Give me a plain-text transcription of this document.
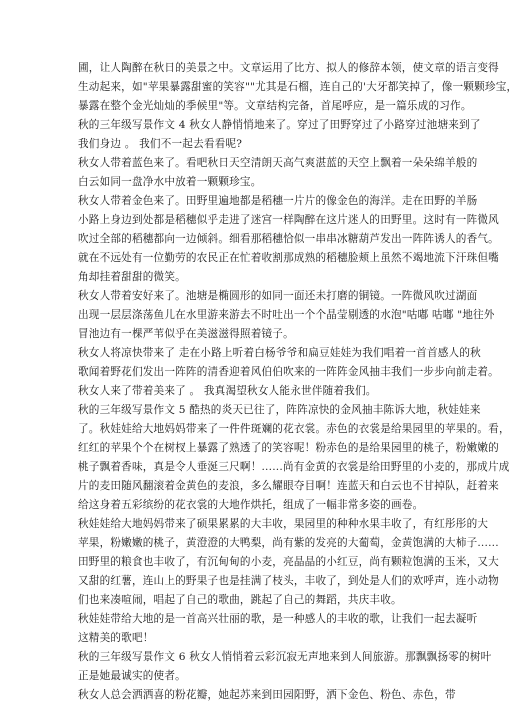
圃，让人陶醉在秋日的美景之中。文章运用了比方、拟人的修辞本领，使文章的语言变得
生动起来，如"苹果暴露甜蜜的笑容""尤其是石榴，连自己的'大牙都笑掉了，像一颗颗珍宝，
暴露在整个金光灿灿的季候里"等。文章结构完备，首尾呼应，是一篇乐成的习作。
秋的三年级写景作文 4 秋女人静悄悄地来了。穿过了田野穿过了小路穿过池塘来到了
我们身边 。 我们不一起去看看呢?
秋女人带着蓝色来了。看吧秋日天空清朗天高气爽湛蓝的天空上飘着一朵朵绵羊般的
白云如同一盘净水中放着一颗颗珍宝。
秋女人带着金色来了。田野里遍地都是稻穗一片片的像金色的海洋。走在田野的羊肠
小路上身边到处都是稻穗似乎走进了迷宫一样陶醉在这片迷人的田野里。这时有一阵微风
吹过全部的稻穗都向一边倾斜。细看那稻穗恰似一串串冰糖葫芦发出一阵阵诱人的香气。
就在不远处有一位勤劳的农民正在忙着收割那成熟的稻穗脸颊上虽然不竭地流下汗珠但嘴
角却挂着甜甜的微笑。
秋女人带着安好来了。池塘是椭圆形的如同一面还未打磨的铜镜。一阵微风吹过湖面
出现一层层涤荡鱼儿在水里游来游去不时吐出一个个晶莹剔透的水泡"咕嘟 咕嘟 "地往外
冒池边有一棵严苇似乎在美滋滋得照着镜子。
秋女人将凉快带来了 走在小路上听着白杨爷爷和扁豆娃娃为我们唱着一首首感人的秋
歌闻着野花们发出一阵阵的清香迎着风伯伯吹来的一阵阵金风抽丰我们一步步向前走着。
秋女人来了带着美来了 。 我真渴望秋女人能永世伴随着我们。
秋的三年级写景作文 5 酷热的炎天已往了，阵阵凉快的金风抽丰陈诉大地，秋娃娃来
了。秋娃娃给大地妈妈带来了一件件斑斓的花衣裳。赤色的衣裳是给果园里的苹果的。看，
红红的苹果个个在树杈上暴露了熟透了的笑容呢！粉赤色的是给果园里的桃子，粉嫩嫩的
桃子飘着香味，真是令人垂涎三尺啊！......尚有金黄的衣裳是给田野里的小麦的，那成片成
片的麦田随风翻滚着金黄色的麦浪，多么耀眼夺目啊！连蓝天和白云也不甘掉队，赶着来
给这身着五彩缤纷的花衣裳的大地作烘托，组成了一幅非常多姿的画卷。
秋娃娃给大地妈妈带来了硕果累累的大丰收，果园里的种种水果丰收了，有红彤彤的大
苹果，粉嫩嫩的桃子，黄澄澄的大鸭梨，尚有紫的发亮的大葡萄，金黄饱满的大柿子......
田野里的粮食也丰收了，有沉甸甸的小麦，亮晶晶的小红豆，尚有颗粒饱满的玉米，又大
又甜的红薯，连山上的野果子也是挂满了枝头，丰收了，到处是人们的欢呼声，连小动物
们也来凑喧闹，唱起了自己的歌曲，跳起了自己的舞蹈，共庆丰收。
秋娃娃带给大地的是一首高兴壮丽的歌，是一种感人的丰收的歌，让我们一起去凝听
这精美的歌吧！
秋的三年级写景作文 6 秋女人悄悄着云彩沉寂无声地来到人间旅游。那飘飘扬零的树叶
正是她最诚实的使者。
秋女人总会洒洒喜的粉花瓣，她起苏来到田园阳野，洒下金色、粉色、赤色，带
